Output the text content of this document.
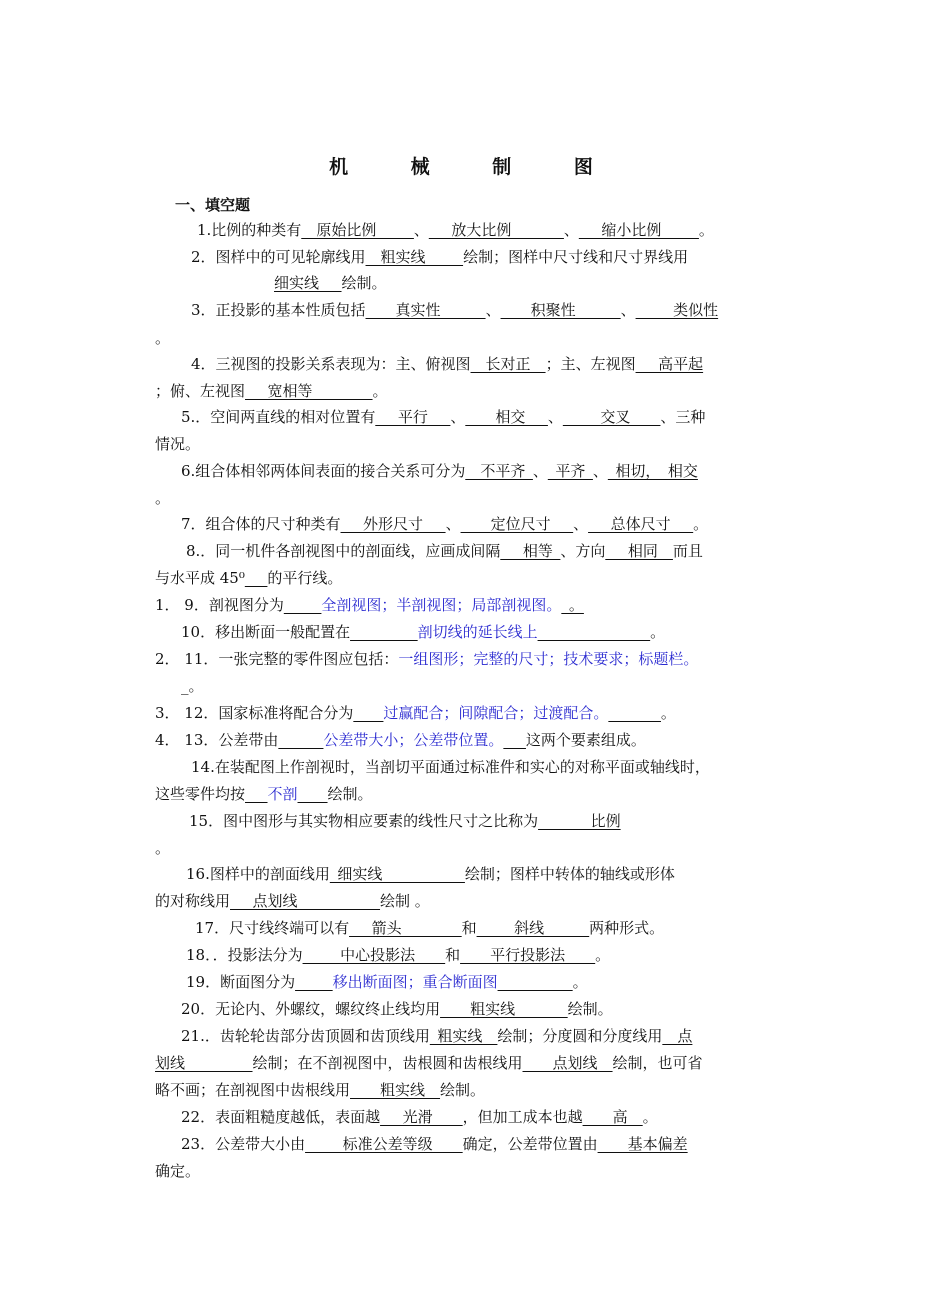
机 械 制 图
一、填空题
1.比例的种类有__原始比例_____、___放大比例_______、___缩小比例_____。
2．图样中的可见轮廓线用__粗实线_____绘制；图样中尺寸线和尺寸界线用
细实线___绘制。
3．正投影的基本性质包括____真实性______、____积聚性______、_____类似性
。
4．三视图的投影关系表现为：主、俯视图__长对正__；主、左视图___高平起
；俯、左视图___宽相等________。
5.．空间两直线的相对位置有___平行___、____相交___、_____交叉____、三种
情况。
6.组合体相邻两体间表面的接合关系可分为__不平齐_、_平齐_、_相切，_相交
。
7．组合体的尺寸种类有___外形尺寸___、____定位尺寸___、___总体尺寸___。
8.．同一机件各剖视图中的剖面线，应画成间隔___相等_、方向___相同__而且
与水平成 45⁰___的平行线。
1． 9．剖视图分为_____全剖视图；半剖视图；局部剖视图。_。
10．移出断面一般配置在_________剖切线的延长线上_______________。
2． 11．一张完整的零件图应包括：一组图形；完整的尺寸；技术要求；标题栏。
_。
3． 12．国家标准将配合分为____过赢配合；间隙配合；过渡配合。_______。
4． 13．公差带由______公差带大小；公差带位置。___这两个要素组成。
14.在装配图上作剖视时，当剖切平面通过标准件和实心的对称平面或轴线时，
这些零件均按___不剖____绘制。
15．图中图形与其实物相应要素的线性尺寸之比称为_______比例
。
16.图样中的剖面线用_细实线___________绘制；图样中转体的轴线或形体
的对称线用___点划线___________绘制 。
17．尺寸线终端可以有___箭头________和_____斜线______两种形式。
18．．投影法分为_____中心投影法____和____平行投影法____。
19．断面图分为_____移出断面图；重合断面图__________。
20．无论内、外螺纹，螺纹终止线均用____粗实线_______绘制。
21.．齿轮轮齿部分齿顶圆和齿顶线用_粗实线__绘制；分度圆和分度线用__点
划线_________绘制；在不剖视图中，齿根圆和齿根线用____点划线__绘制，也可省
略不画；在剖视图中齿根线用____粗实线__绘制。
22．表面粗糙度越低，表面越___光滑____，但加工成本也越____高__。
23．公差带大小由_____标准公差等级____确定，公差带位置由____基本偏差
确定。
